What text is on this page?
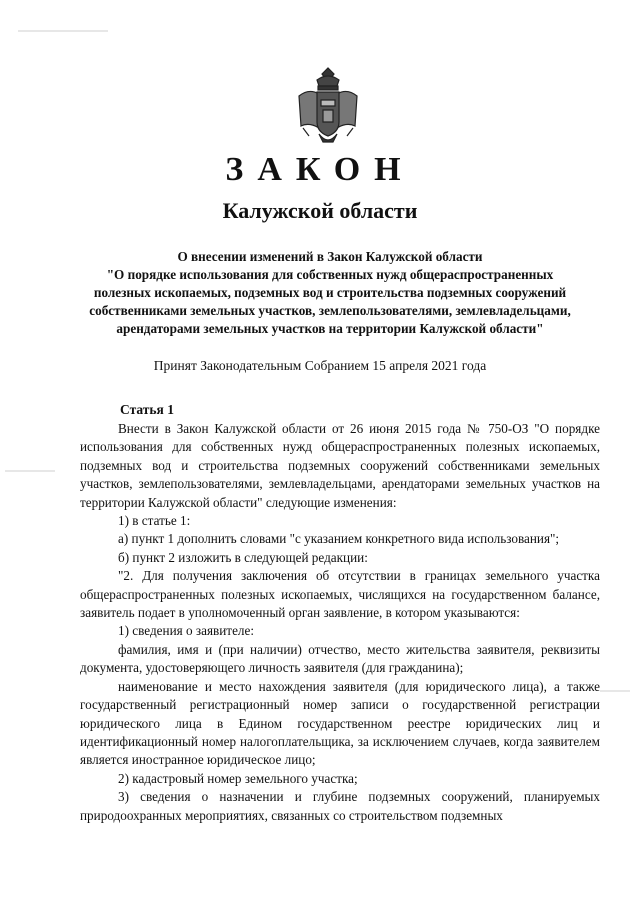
ЗАКОН
Калужской области
О внесении изменений в Закон Калужской области
"О порядке использования для собственных нужд общераспространенных
полезных ископаемых, подземных вод и строительства подземных сооружений
собственниками земельных участков, землепользователями, землевладельцами,
арендаторами земельных участков на территории Калужской области"
Принят Законодательным Собранием 15 апреля 2021 года
Статья 1

Внести в Закон Калужской области от 26 июня 2015 года № 750-ОЗ "О порядке использования для собственных нужд общераспространенных полезных ископаемых, подземных вод и строительства подземных сооружений собственниками земельных участков, землепользователями, землевладельцами, арендаторами земельных участков на территории Калужской области" следующие изменения:

1) в статье 1:

а) пункт 1 дополнить словами "с указанием конкретного вида использования";

б) пункт 2 изложить в следующей редакции:

"2. Для получения заключения об отсутствии в границах земельного участка общераспространенных полезных ископаемых, числящихся на государственном балансе, заявитель подает в уполномоченный орган заявление, в котором указываются:

1) сведения о заявителе:

фамилия, имя и (при наличии) отчество, место жительства заявителя, реквизиты документа, удостоверяющего личность заявителя (для гражданина);

наименование и место нахождения заявителя (для юридического лица), а также государственный регистрационный номер записи о государственной регистрации юридического лица в Едином государственном реестре юридических лиц и идентификационный номер налогоплательщика, за исключением случаев, когда заявителем является иностранное юридическое лицо;

2) кадастровый номер земельного участка;

3) сведения о назначении и глубине подземных сооружений, планируемых природоохранных мероприятиях, связанных со строительством подземных
